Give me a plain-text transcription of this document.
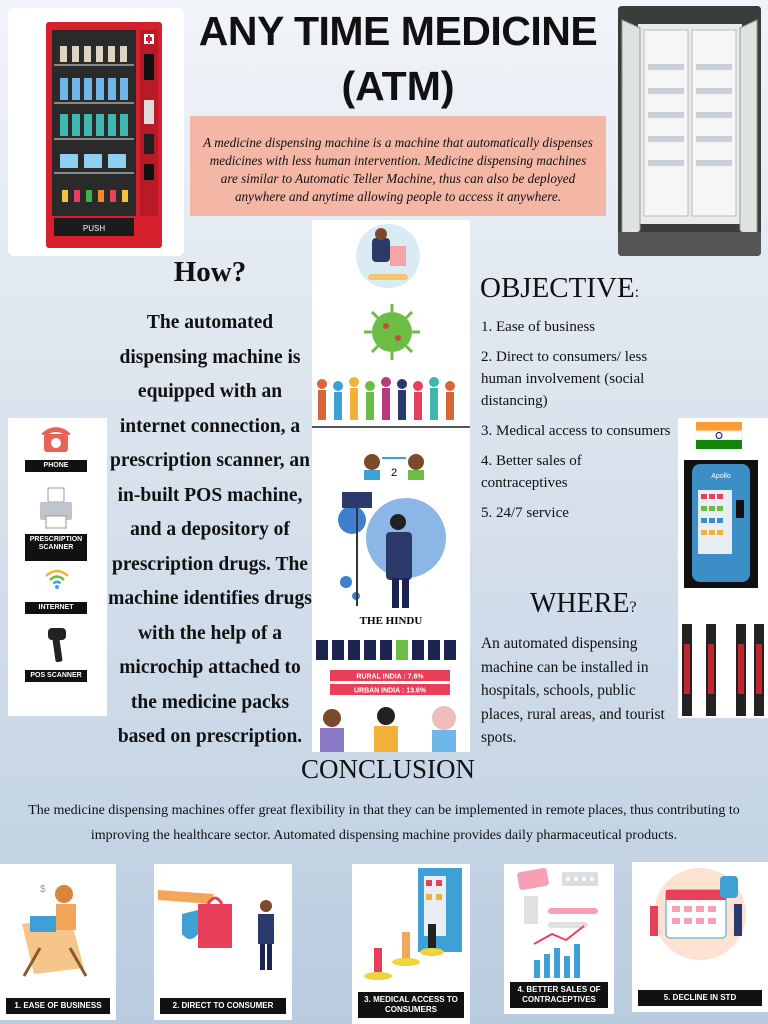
PUSH
ANY TIME MEDICINE
(ATM)
A medicine dispensing machine is a machine that automatically dispenses medicines with less human intervention. Medicine dispensing machines are similar to Automatic Teller Machine, thus can also be deployed anywhere and anytime allowing people to access it anywhere.
How?
The automated dispensing machine is equipped with an internet connection, a prescription scanner, an in-built POS machine, and a depository of prescription drugs. The machine identifies drugs with the help of a microchip attached to the medicine packs based on prescription.
PHONE
PRESCRIPTION SCANNER
INTERNET
POS SCANNER
2
THE HINDU
RURAL INDIA : 7.6%
URBAN INDIA : 13.6%
OBJECTIVE:
1. Ease of business
2. Direct to consumers/ less human involvement (social distancing)
3. Medical access to consumers
4. Better sales of contraceptives
5. 24/7 service
Apollo
WHERE?
An automated dispensing machine can be installed in hospitals, schools, public places, rural areas, and tourist spots.
CONCLUSION
The medicine dispensing machines offer great flexibility in that they can be implemented in remote places, thus contributing to improving the healthcare sector. Automated dispensing machine provides daily pharmaceutical products.
$
1. EASE OF BUSINESS	2. DIRECT TO CONSUMER
3. MEDICAL ACCESS TO CONSUMERS
4. BETTER SALES OF CONTRACEPTIVES	5. DECLINE IN STD
